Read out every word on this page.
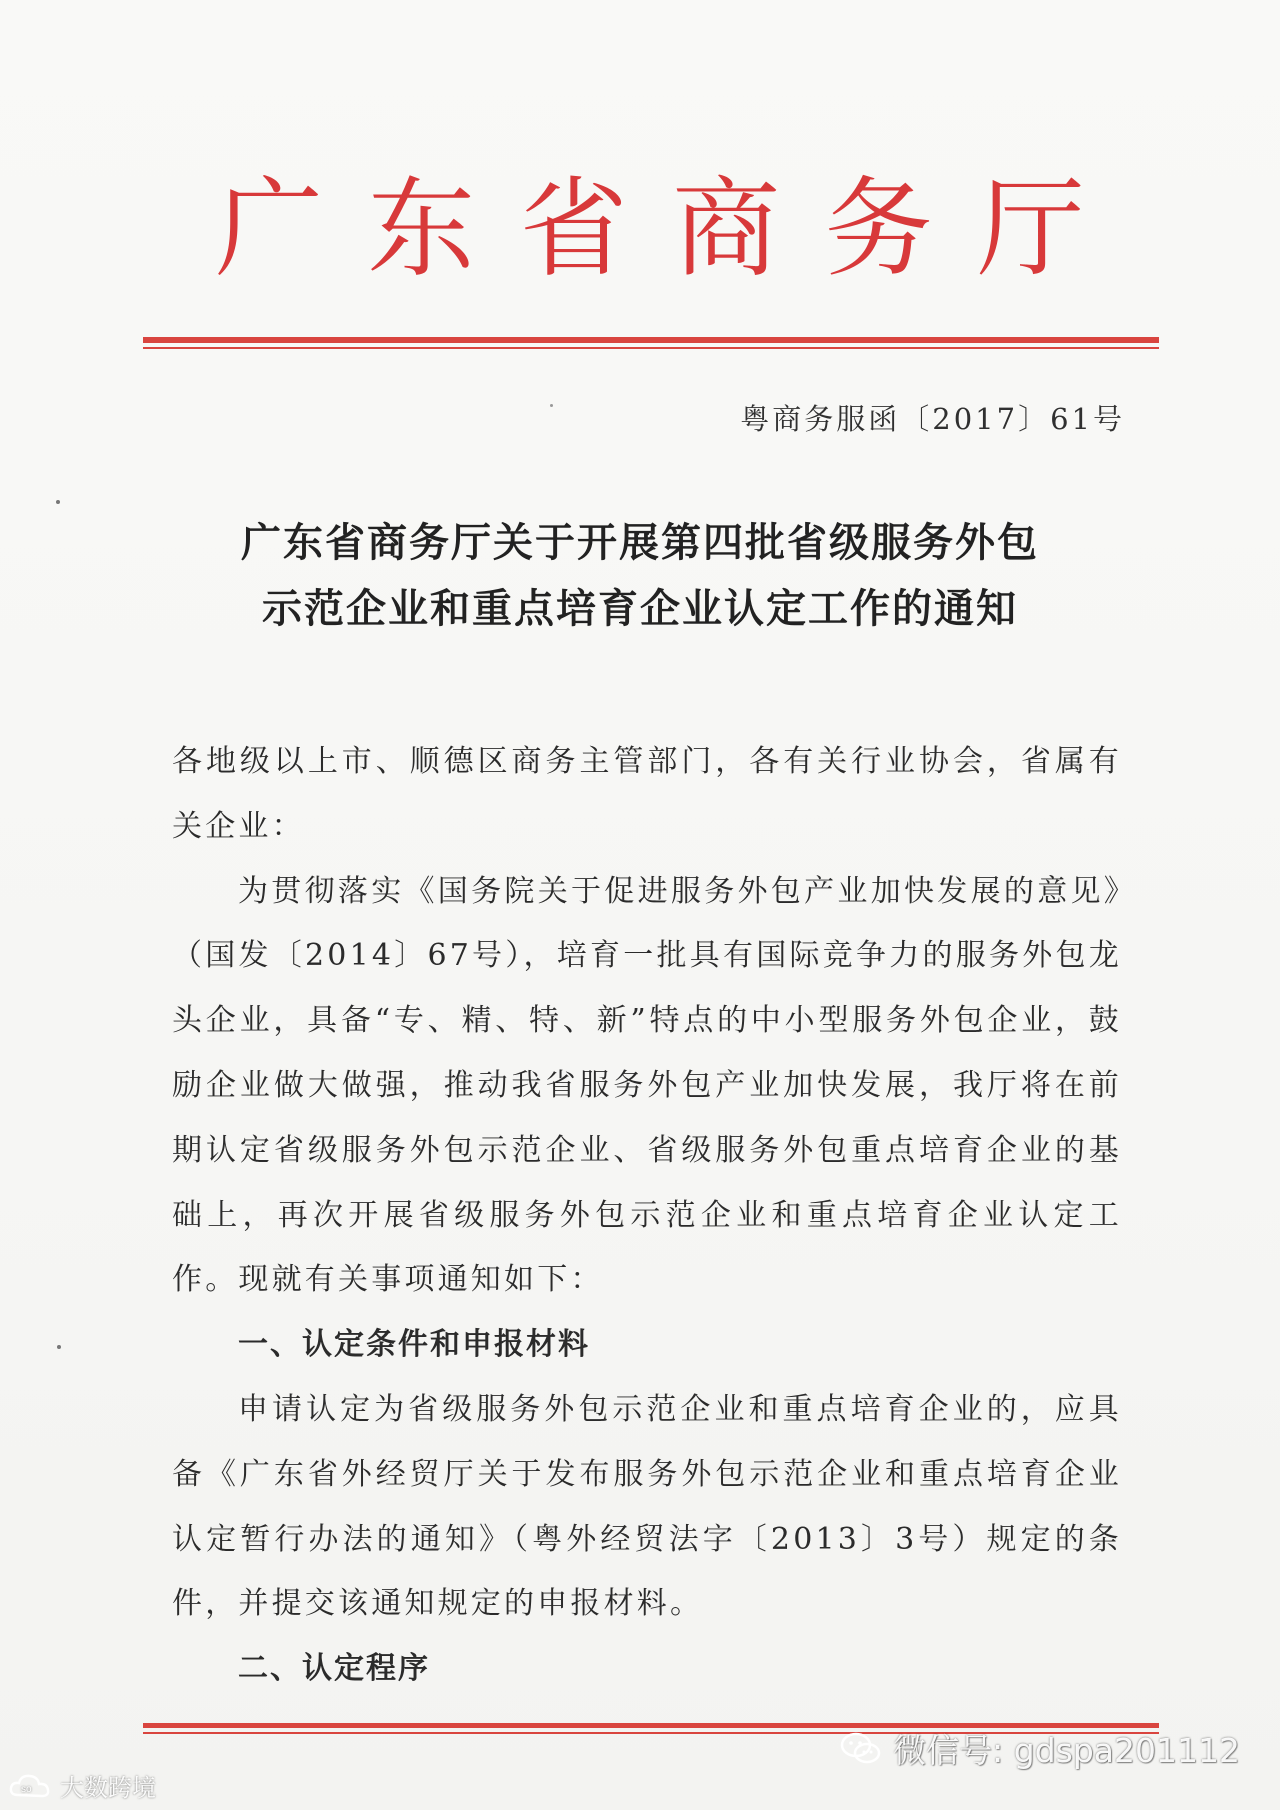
广 东 省 商 务 厅
粤商务服函〔2017〕61号
广东省商务厅关于开展第四批省级服务外包
示范企业和重点培育企业认定工作的通知

各地级以上市、顺德区商务主管部门，各有关行业协会，省属有关企业：

为贯彻落实《国务院关于促进服务外包产业加快发展的意见》（国发〔2014〕67号），培育一批具有国际竞争力的服务外包龙头企业，具备“专、精、特、新”特点的中小型服务外包企业，鼓励企业做大做强，推动我省服务外包产业加快发展，我厅将在前期认定省级服务外包示范企业、省级服务外包重点培育企业的基础上，再次开展省级服务外包示范企业和重点培育企业认定工作。现就有关事项通知如下：

一、认定条件和申报材料

申请认定为省级服务外包示范企业和重点培育企业的，应具备《广东省外经贸厅关于发布服务外包示范企业和重点培育企业认定暂行办法的通知》（粤外经贸法字〔2013〕3号）规定的条件，并提交该通知规定的申报材料。

二、认定程序

微信号: gdspa201112
so 大数跨境
